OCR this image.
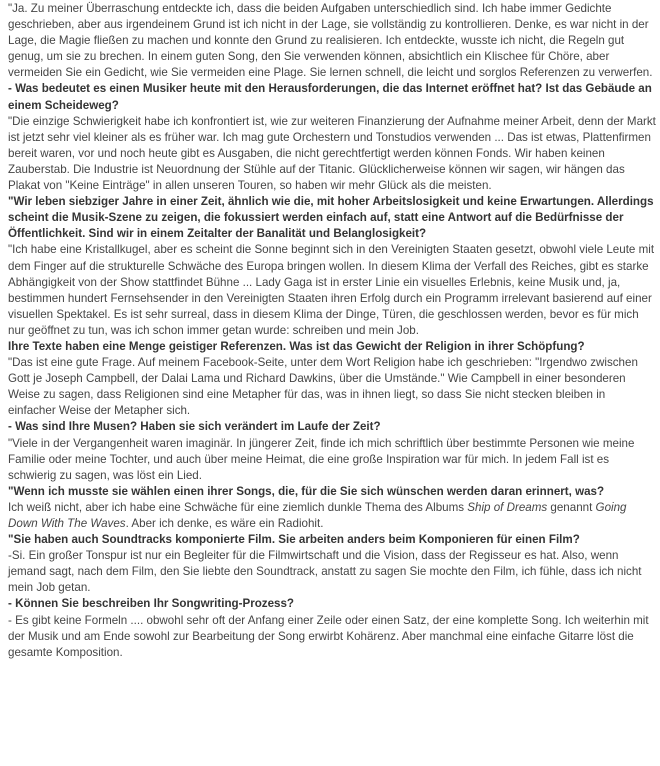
"Ja. Zu meiner Überraschung entdeckte ich, dass die beiden Aufgaben unterschiedlich sind. Ich habe immer Gedichte geschrieben, aber aus irgendeinem Grund ist ich nicht in der Lage, sie vollständig zu kontrollieren. Denke, es war nicht in der Lage, die Magie fließen zu machen und konnte den Grund zu realisieren. Ich entdeckte, wusste ich nicht, die Regeln gut genug, um sie zu brechen. In einem guten Song, den Sie verwenden können, absichtlich ein Klischee für Chöre, aber vermeiden Sie ein Gedicht, wie Sie vermeiden eine Plage. Sie lernen schnell, die leicht und sorglos Referenzen zu verwerfen.

- Was bedeutet es einen Musiker heute mit den Herausforderungen, die das Internet eröffnet hat? Ist das Gebäude an einem Scheideweg?

"Die einzige Schwierigkeit habe ich konfrontiert ist, wie zur weiteren Finanzierung der Aufnahme meiner Arbeit, denn der Markt ist jetzt sehr viel kleiner als es früher war. Ich mag gute Orchestern und Tonstudios verwenden ... Das ist etwas, Plattenfirmen bereit waren, vor und noch heute gibt es Ausgaben, die nicht gerechtfertigt werden können Fonds. Wir haben keinen Zauberstab. Die Industrie ist Neuordnung der Stühle auf der Titanic. Glücklicherweise können wir sagen, wir hängen das Plakat von "Keine Einträge" in allen unseren Touren, so haben wir mehr Glück als die meisten.

"Wir leben siebziger Jahre in einer Zeit, ähnlich wie die, mit hoher Arbeitslosigkeit und keine Erwartungen. Allerdings scheint die Musik-Szene zu zeigen, die fokussiert werden einfach auf, statt eine Antwort auf die Bedürfnisse der Öffentlichkeit. Sind wir in einem Zeitalter der Banalität und Belanglosigkeit?

"Ich habe eine Kristallkugel, aber es scheint die Sonne beginnt sich in den Vereinigten Staaten gesetzt, obwohl viele Leute mit dem Finger auf die strukturelle Schwäche des Europa bringen wollen. In diesem Klima der Verfall des Reiches, gibt es starke Abhängigkeit von der Show stattfindet Bühne ... Lady Gaga ist in erster Linie ein visuelles Erlebnis, keine Musik und, ja, bestimmen hundert Fernsehsender in den Vereinigten Staaten ihren Erfolg durch ein Programm irrelevant basierend auf einer visuellen Spektakel. Es ist sehr surreal, dass in diesem Klima der Dinge, Türen, die geschlossen werden, bevor es für mich nur geöffnet zu tun, was ich schon immer getan wurde: schreiben und mein Job.

Ihre Texte haben eine Menge geistiger Referenzen. Was ist das Gewicht der Religion in ihrer Schöpfung?

"Das ist eine gute Frage. Auf meinem Facebook-Seite, unter dem Wort Religion habe ich geschrieben: "Irgendwo zwischen Gott je Joseph Campbell, der Dalai Lama und Richard Dawkins, über die Umstände." Wie Campbell in einer besonderen Weise zu sagen, dass Religionen sind eine Metapher für das, was in ihnen liegt, so dass Sie nicht stecken bleiben in einfacher Weise der Metapher sich.

- Was sind Ihre Musen? Haben sie sich verändert im Laufe der Zeit?

"Viele in der Vergangenheit waren imaginär. In jüngerer Zeit, finde ich mich schriftlich über bestimmte Personen wie meine Familie oder meine Tochter, und auch über meine Heimat, die eine große Inspiration war für mich. In jedem Fall ist es schwierig zu sagen, was löst ein Lied.

"Wenn ich musste sie wählen einen ihrer Songs, die, für die Sie sich wünschen werden daran erinnert, was?

Ich weiß nicht, aber ich habe eine Schwäche für eine ziemlich dunkle Thema des Albums Ship of Dreams genannt Going Down With The Waves. Aber ich denke, es wäre ein Radiohit.

"Sie haben auch Soundtracks komponierte Film. Sie arbeiten anders beim Komponieren für einen Film?

-Si. Ein großer Tonspur ist nur ein Begleiter für die Filmwirtschaft und die Vision, dass der Regisseur es hat. Also, wenn jemand sagt, nach dem Film, den Sie liebte den Soundtrack, anstatt zu sagen Sie mochte den Film, ich fühle, dass ich nicht mein Job getan.

- Können Sie beschreiben Ihr Songwriting-Prozess?

- Es gibt keine Formeln .... obwohl sehr oft der Anfang einer Zeile oder einen Satz, der eine komplette Song. Ich weiterhin mit der Musik und am Ende sowohl zur Bearbeitung der Song erwirbt Kohärenz. Aber manchmal eine einfache Gitarre löst die gesamte Komposition.
